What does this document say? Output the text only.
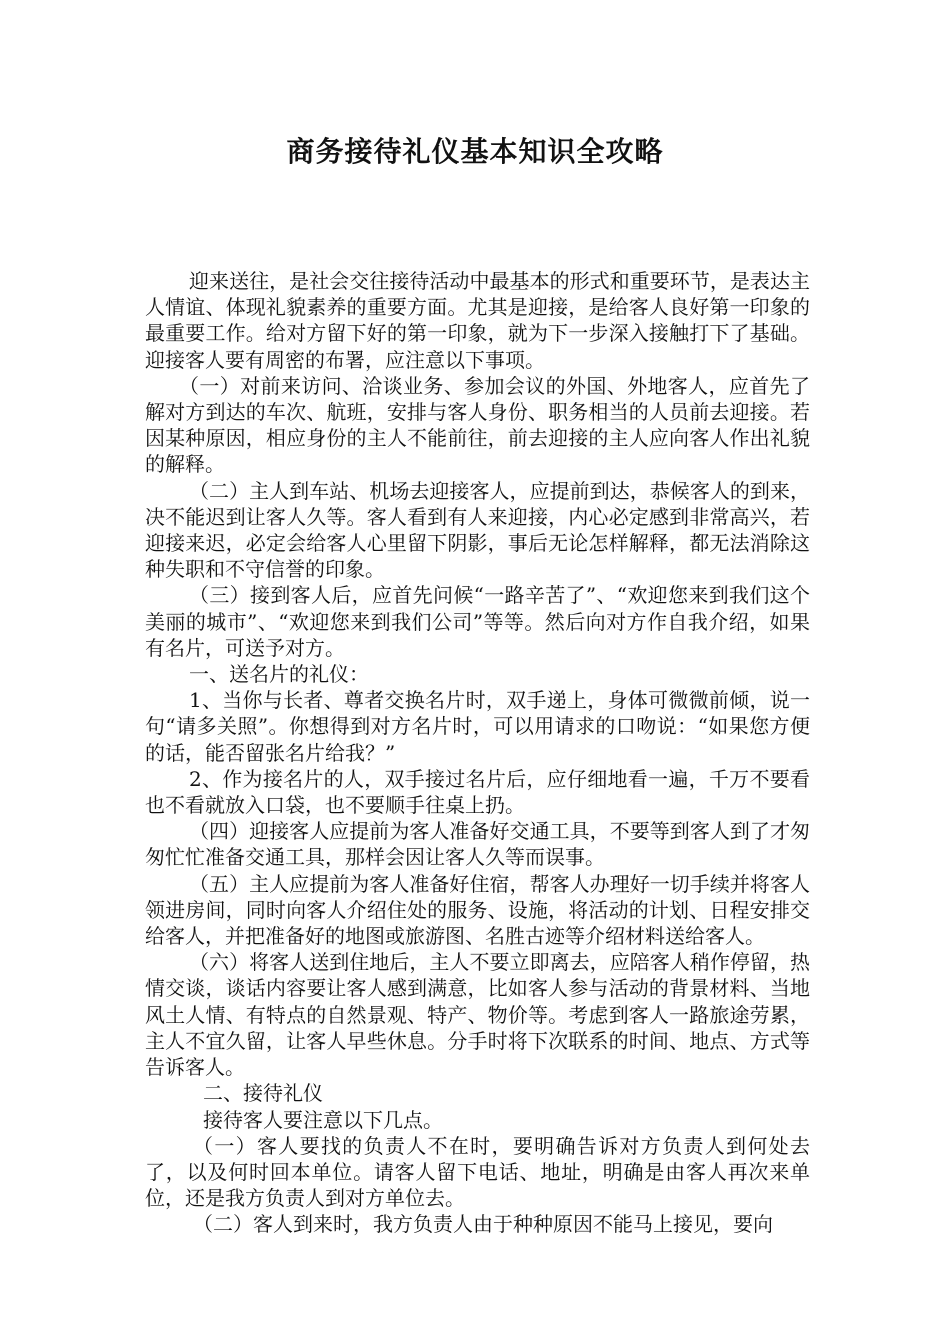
商务接待礼仪基本知识全攻略

迎来送往，是社会交往接待活动中最基本的形式和重要环节，是表达主人情谊、体现礼貌素养的重要方面。尤其是迎接，是给客人良好第一印象的最重要工作。给对方留下好的第一印象，就为下一步深入接触打下了基础。迎接客人要有周密的布署，应注意以下事项。

（一）对前来访问、洽谈业务、参加会议的外国、外地客人，应首先了解对方到达的车次、航班，安排与客人身份、职务相当的人员前去迎接。若因某种原因，相应身份的主人不能前往，前去迎接的主人应向客人作出礼貌的解释。

（二）主人到车站、机场去迎接客人，应提前到达，恭候客人的到来，决不能迟到让客人久等。客人看到有人来迎接，内心必定感到非常高兴，若迎接来迟，必定会给客人心里留下阴影，事后无论怎样解释，都无法消除这种失职和不守信誉的印象。

（三）接到客人后，应首先问候“一路辛苦了”、“欢迎您来到我们这个美丽的城市”、“欢迎您来到我们公司”等等。然后向对方作自我介绍，如果有名片，可送予对方。

一、送名片的礼仪：

1、当你与长者、尊者交换名片时，双手递上，身体可微微前倾，说一句“请多关照”。你想得到对方名片时，可以用请求的口吻说：“如果您方便的话，能否留张名片给我？”

2、作为接名片的人，双手接过名片后，应仔细地看一遍，千万不要看也不看就放入口袋，也不要顺手往桌上扔。

（四）迎接客人应提前为客人准备好交通工具，不要等到客人到了才匆匆忙忙准备交通工具，那样会因让客人久等而误事。

（五）主人应提前为客人准备好住宿，帮客人办理好一切手续并将客人领进房间，同时向客人介绍住处的服务、设施，将活动的计划、日程安排交给客人，并把准备好的地图或旅游图、名胜古迹等介绍材料送给客人。

（六）将客人送到住地后，主人不要立即离去，应陪客人稍作停留，热情交谈，谈话内容要让客人感到满意，比如客人参与活动的背景材料、当地风土人情、有特点的自然景观、特产、物价等。考虑到客人一路旅途劳累，主人不宜久留，让客人早些休息。分手时将下次联系的时间、地点、方式等告诉客人。

二、接待礼仪

接待客人要注意以下几点。

（一）客人要找的负责人不在时，要明确告诉对方负责人到何处去了，以及何时回本单位。请客人留下电话、地址，明确是由客人再次来单位，还是我方负责人到对方单位去。

（二）客人到来时，我方负责人由于种种原因不能马上接见，要向
